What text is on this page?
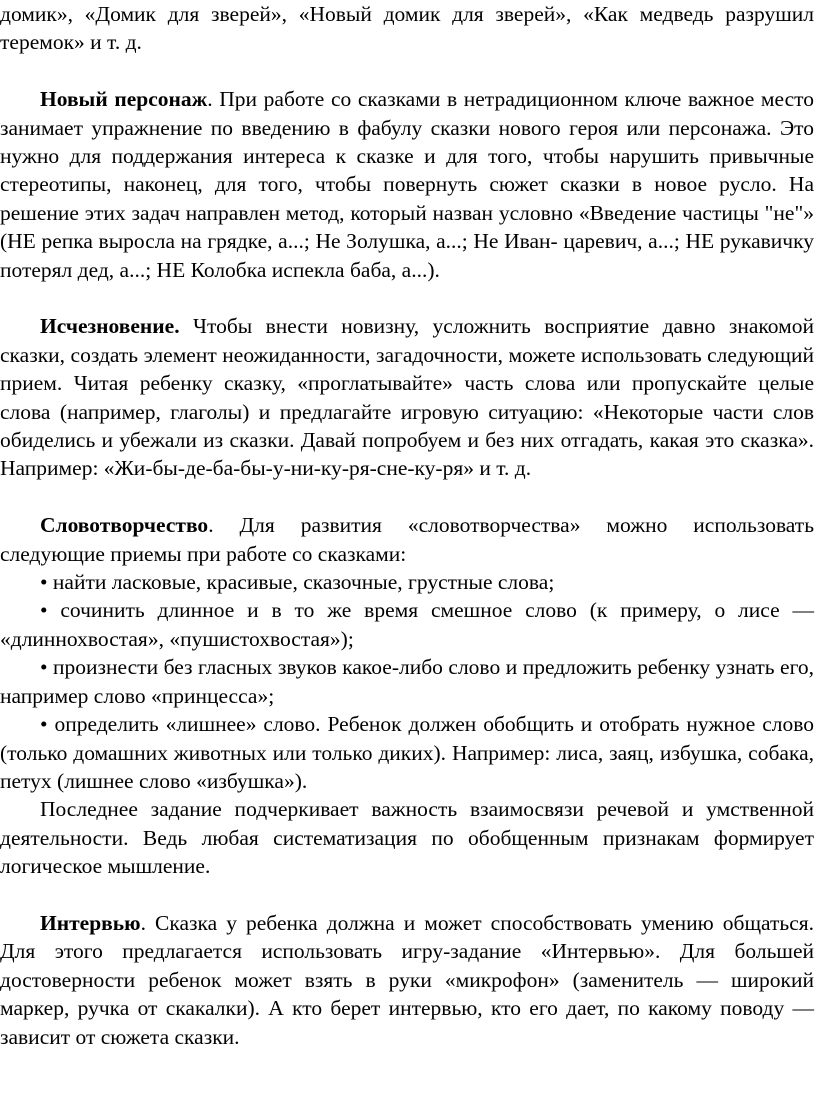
домик», «Домик для зверей», «Новый домик для зверей», «Как медведь разрушил теремок» и т. д.

Новый персонаж. При работе со сказками в нетрадиционном ключе важное место занимает упражнение по введению в фабулу сказки нового героя или персонажа. Это нужно для поддержания интереса к сказке и для того, чтобы нарушить привычные стереотипы, наконец, для того, чтобы повернуть сюжет сказки в новое русло. На решение этих задач направлен метод, который назван условно «Введение частицы "не"» (НЕ репка выросла на грядке, а...; Не Золушка, а...; Не Иван- царевич, а...; НЕ рукавичку потерял дед, а...; НЕ Колобка испекла баба, а...).

Исчезновение. Чтобы внести новизну, усложнить восприятие давно знакомой сказки, создать элемент неожиданности, загадочности, можете использовать следующий прием. Читая ребенку сказку, «проглатывайте» часть слова или пропускайте целые слова (например, глаголы) и предлагайте игровую ситуацию: «Некоторые части слов обиделись и убежали из сказки. Давай попробуем и без них отгадать, какая это сказка». Например: «Жи-бы-де-ба-бы-у-ни-ку-ря-сне-ку-ря» и т. д.

Словотворчество. Для развития «словотворчества» можно использовать следующие приемы при работе со сказками:

• найти ласковые, красивые, сказочные, грустные слова;

• сочинить длинное и в то же время смешное слово (к примеру, о лисе — «длиннохвостая», «пушистохвостая»);

• произнести без гласных звуков какое-либо слово и предложить ребенку узнать его, например слово «принцесса»;

• определить «лишнее» слово. Ребенок должен обобщить и отобрать нужное слово (только домашних животных или только диких). Например: лиса, заяц, избушка, собака, петух (лишнее слово «избушка»).

Последнее задание подчеркивает важность взаимосвязи речевой и умственной деятельности. Ведь любая систематизация по обобщенным признакам формирует логическое мышление.

Интервью. Сказка у ребенка должна и может способствовать умению общаться. Для этого предлагается использовать игру-задание «Интервью». Для большей достоверности ребенок может взять в руки «микрофон» (заменитель — широкий маркер, ручка от скакалки). А кто берет интервью, кто его дает, по какому поводу — зависит от сюжета сказки.
